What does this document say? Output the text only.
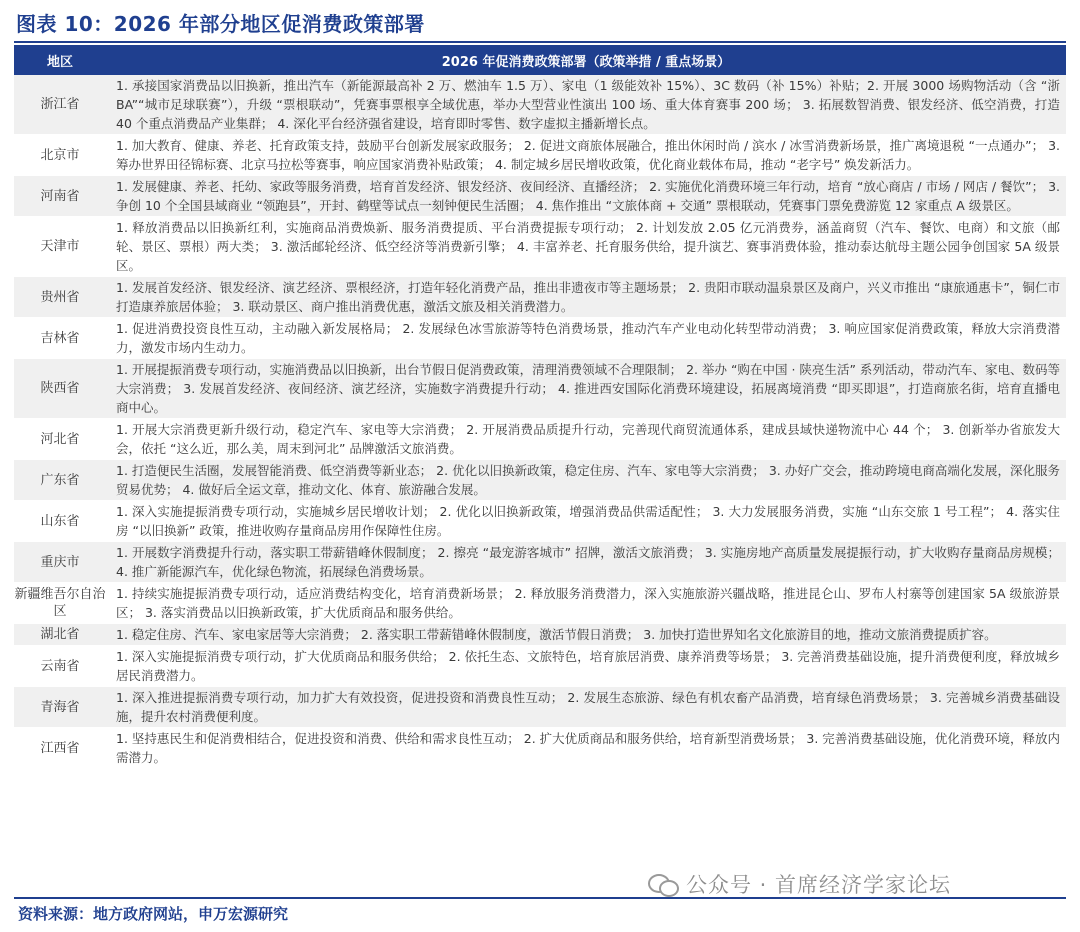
图表 10：2026 年部分地区促消费政策部署
地区	2026 年促消费政策部署（政策举措 / 重点场景）
浙江省	1. 承接国家消费品以旧换新，推出汽车（新能源最高补 2 万、燃油车 1.5 万）、家电（1 级能效补 15%）、3C 数码（补 15%）补贴；2. 开展 3000 场购物活动（含 “浙 BA”“城市足球联赛”），升级 “票根联动”，凭赛事票根享全域优惠，举办大型营业性演出 100 场、重大体育赛事 200 场； 3. 拓展数智消费、银发经济、低空消费，打造 40 个重点消费品产业集群； 4. 深化平台经济强省建设，培育即时零售、数字虚拟主播新增长点。
北京市	1. 加大教育、健康、养老、托育政策支持，鼓励平台创新发展家政服务； 2. 促进文商旅体展融合，推出休闲时尚 / 滨水 / 冰雪消费新场景，推广离境退税 “一点通办”； 3. 筹办世界田径锦标赛、北京马拉松等赛事，响应国家消费补贴政策； 4. 制定城乡居民增收政策，优化商业载体布局，推动 “老字号” 焕发新活力。
河南省	1. 发展健康、养老、托幼、家政等服务消费，培育首发经济、银发经济、夜间经济、直播经济； 2. 实施优化消费环境三年行动，培育 “放心商店 / 市场 / 网店 / 餐饮”； 3. 争创 10 个全国县域商业 “领跑县”，开封、鹤壁等试点一刻钟便民生活圈； 4. 焦作推出 “文旅体商 + 交通” 票根联动，凭赛事门票免费游览 12 家重点 A 级景区。
天津市	1. 释放消费品以旧换新红利，实施商品消费焕新、服务消费提质、平台消费提振专项行动； 2. 计划发放 2.05 亿元消费券，涵盖商贸（汽车、餐饮、电商）和文旅（邮轮、景区、票根）两大类； 3. 激活邮轮经济、低空经济等消费新引擎； 4. 丰富养老、托育服务供给，提升演艺、赛事消费体验，推动泰达航母主题公园争创国家 5A 级景区。
贵州省	1. 发展首发经济、银发经济、演艺经济、票根经济，打造年轻化消费产品，推出非遗夜市等主题场景； 2. 贵阳市联动温泉景区及商户，兴义市推出 “康旅通惠卡”，铜仁市打造康养旅居体验； 3. 联动景区、商户推出消费优惠，激活文旅及相关消费潜力。
吉林省	1. 促进消费投资良性互动，主动融入新发展格局； 2. 发展绿色冰雪旅游等特色消费场景，推动汽车产业电动化转型带动消费； 3. 响应国家促消费政策，释放大宗消费潜力，激发市场内生动力。
陕西省	1. 开展提振消费专项行动，实施消费品以旧换新，出台节假日促消费政策，清理消费领域不合理限制； 2. 举办 “购在中国 · 陕亮生活” 系列活动，带动汽车、家电、数码等大宗消费； 3. 发展首发经济、夜间经济、演艺经济，实施数字消费提升行动； 4. 推进西安国际化消费环境建设，拓展离境消费 “即买即退”，打造商旅名街，培育直播电商中心。
河北省	1. 开展大宗消费更新升级行动，稳定汽车、家电等大宗消费； 2. 开展消费品质提升行动，完善现代商贸流通体系，建成县域快递物流中心 44 个； 3. 创新举办省旅发大会，依托 “这么近，那么美，周末到河北” 品牌激活文旅消费。
广东省	1. 打造便民生活圈，发展智能消费、低空消费等新业态； 2. 优化以旧换新政策，稳定住房、汽车、家电等大宗消费； 3. 办好广交会，推动跨境电商高端化发展，深化服务贸易优势； 4. 做好后全运文章，推动文化、体育、旅游融合发展。
山东省	1. 深入实施提振消费专项行动，实施城乡居民增收计划； 2. 优化以旧换新政策，增强消费品供需适配性； 3. 大力发展服务消费，实施 “山东交旅 1 号工程”； 4. 落实住房 “以旧换新” 政策，推进收购存量商品房用作保障性住房。
重庆市	1. 开展数字消费提升行动，落实职工带薪错峰休假制度； 2. 擦亮 “最宠游客城市” 招牌，激活文旅消费； 3. 实施房地产高质量发展提振行动，扩大收购存量商品房规模； 4. 推广新能源汽车，优化绿色物流，拓展绿色消费场景。
新疆维吾尔自治区	1. 持续实施提振消费专项行动，适应消费结构变化，培育消费新场景； 2. 释放服务消费潜力，深入实施旅游兴疆战略，推进昆仑山、罗布人村寨等创建国家 5A 级旅游景区； 3. 落实消费品以旧换新政策，扩大优质商品和服务供给。
湖北省	1. 稳定住房、汽车、家电家居等大宗消费； 2. 落实职工带薪错峰休假制度，激活节假日消费； 3. 加快打造世界知名文化旅游目的地，推动文旅消费提质扩容。
云南省	1. 深入实施提振消费专项行动，扩大优质商品和服务供给； 2. 依托生态、文旅特色，培育旅居消费、康养消费等场景； 3. 完善消费基础设施，提升消费便利度，释放城乡居民消费潜力。
青海省	1. 深入推进提振消费专项行动，加力扩大有效投资，促进投资和消费良性互动； 2. 发展生态旅游、绿色有机农畜产品消费，培育绿色消费场景； 3. 完善城乡消费基础设施，提升农村消费便利度。
江西省	1. 坚持惠民生和促消费相结合，促进投资和消费、供给和需求良性互动； 2. 扩大优质商品和服务供给，培育新型消费场景； 3. 完善消费基础设施，优化消费环境，释放内需潜力。
公众号 · 首席经济学家论坛
资料来源：地方政府网站，申万宏源研究
